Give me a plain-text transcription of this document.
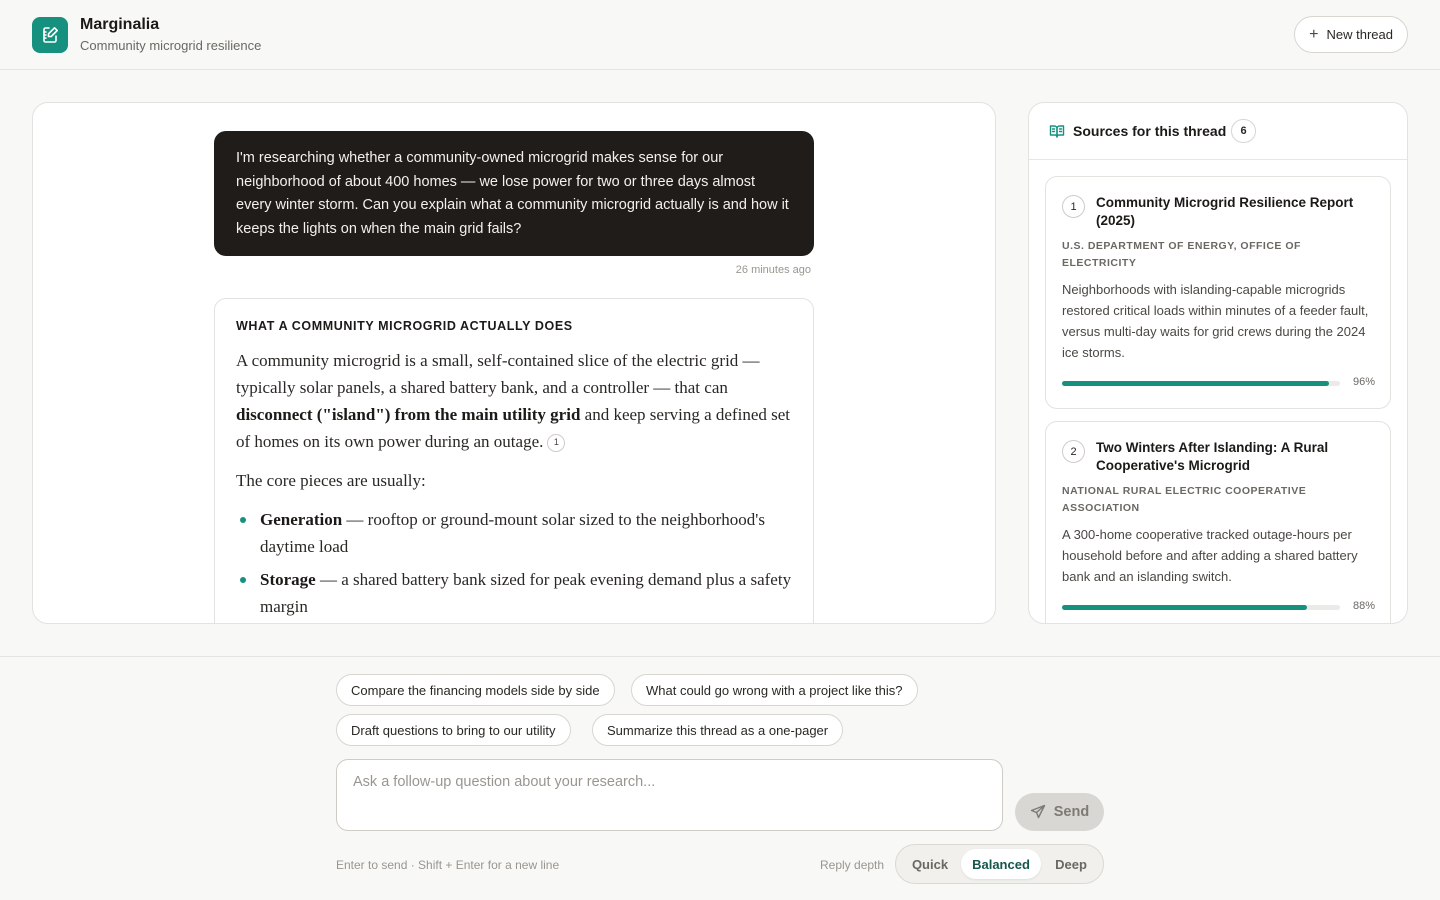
Marginalia
Community microgrid resilience
+ New thread
I'm researching whether a community-owned microgrid makes sense for our neighborhood of about 400 homes — we lose power for two or three days almost every winter storm. Can you explain what a community microgrid actually is and how it keeps the lights on when the main grid fails?
26 minutes ago
WHAT A COMMUNITY MICROGRID ACTUALLY DOES

A community microgrid is a small, self-contained slice of the electric grid — typically solar panels, a shared battery bank, and a controller — that can disconnect ("island") from the main utility grid and keep serving a defined set of homes on its own power during an outage. 1

The core pieces are usually:

Generation — rooftop or ground-mount solar sized to the neighborhood's daytime load
Storage — a shared battery bank sized for peak evening demand plus a safety margin
Sources for this thread	6
1	Community Microgrid Resilience Report (2025)
U.S. DEPARTMENT OF ENERGY, OFFICE OF ELECTRICITY
Neighborhoods with islanding-capable microgrids restored critical loads within minutes of a feeder fault, versus multi-day waits for grid crews during the 2024 ice storms.
96%
2	Two Winters After Islanding: A Rural Cooperative's Microgrid
NATIONAL RURAL ELECTRIC COOPERATIVE ASSOCIATION
A 300-home cooperative tracked outage-hours per household before and after adding a shared battery bank and an islanding switch.
88%
Compare the financing models side by side	What could go wrong with a project like this?
Draft questions to bring to our utility	Summarize this thread as a one-pager
Ask a follow-up question about your research...
Send
Enter to send · Shift + Enter for a new line	Reply depth	Quick	Balanced	Deep
